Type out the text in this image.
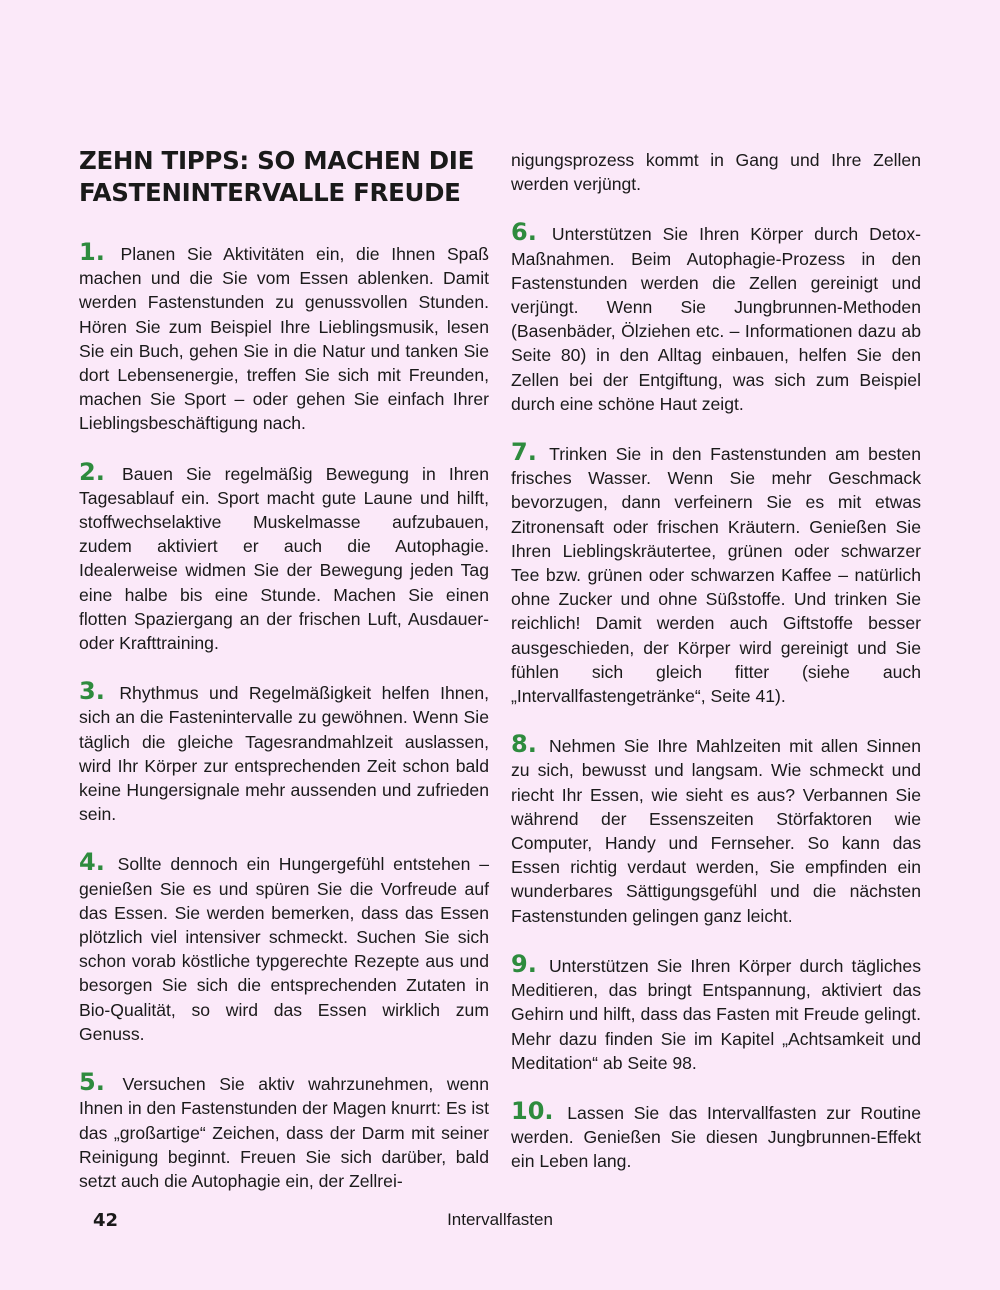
ZEHN TIPPS: SO MACHEN DIE FASTENINTERVALLE FREUDE

1. Planen Sie Aktivitäten ein, die Ihnen Spaß machen und die Sie vom Essen ablenken. Damit werden Fastenstunden zu genussvollen Stunden. Hören Sie zum Beispiel Ihre Lieblingsmusik, lesen Sie ein Buch, gehen Sie in die Natur und tanken Sie dort Lebensenergie, treffen Sie sich mit Freunden, machen Sie Sport – oder gehen Sie einfach Ihrer Lieblingsbeschäftigung nach.

2. Bauen Sie regelmäßig Bewegung in Ihren Tagesablauf ein. Sport macht gute Laune und hilft, stoffwechselaktive Muskelmasse aufzubauen, zudem aktiviert er auch die Autophagie. Idealerweise widmen Sie der Bewegung jeden Tag eine halbe bis eine Stunde. Machen Sie einen flotten Spaziergang an der frischen Luft, Ausdauer- oder Krafttraining.

3. Rhythmus und Regelmäßigkeit helfen Ihnen, sich an die Fastenintervalle zu gewöhnen. Wenn Sie täglich die gleiche Tagesrandmahlzeit auslassen, wird Ihr Körper zur entsprechenden Zeit schon bald keine Hungersignale mehr aussenden und zufrieden sein.

4. Sollte dennoch ein Hungergefühl entstehen – genießen Sie es und spüren Sie die Vorfreude auf das Essen. Sie werden bemerken, dass das Essen plötzlich viel intensiver schmeckt. Suchen Sie sich schon vorab köstliche typgerechte Rezepte aus und besorgen Sie sich die entsprechenden Zutaten in Bio-Qualität, so wird das Essen wirklich zum Genuss.

5. Versuchen Sie aktiv wahrzunehmen, wenn Ihnen in den Fastenstunden der Magen knurrt: Es ist das „großartige“ Zeichen, dass der Darm mit seiner Reinigung beginnt. Freuen Sie sich darüber, bald setzt auch die Autophagie ein, der Zellrei-

nigungsprozess kommt in Gang und Ihre Zellen werden verjüngt.

6. Unterstützen Sie Ihren Körper durch Detox-Maßnahmen. Beim Autophagie-Prozess in den Fastenstunden werden die Zellen gereinigt und verjüngt. Wenn Sie Jungbrunnen-Methoden (Basenbäder, Ölziehen etc. – Informationen dazu ab Seite 80) in den Alltag einbauen, helfen Sie den Zellen bei der Entgiftung, was sich zum Beispiel durch eine schöne Haut zeigt.

7. Trinken Sie in den Fastenstunden am besten frisches Wasser. Wenn Sie mehr Geschmack bevorzugen, dann verfeinern Sie es mit etwas Zitronensaft oder frischen Kräutern. Genießen Sie Ihren Lieblingskräutertee, grünen oder schwarzer Tee bzw. grünen oder schwarzen Kaffee – natürlich ohne Zucker und ohne Süßstoffe. Und trinken Sie reichlich! Damit werden auch Giftstoffe besser ausgeschieden, der Körper wird gereinigt und Sie fühlen sich gleich fitter (siehe auch „Intervallfastengetränke“, Seite 41).

8. Nehmen Sie Ihre Mahlzeiten mit allen Sinnen zu sich, bewusst und langsam. Wie schmeckt und riecht Ihr Essen, wie sieht es aus? Verbannen Sie während der Essenszeiten Störfaktoren wie Computer, Handy und Fernseher. So kann das Essen richtig verdaut werden, Sie empfinden ein wunderbares Sättigungsgefühl und die nächsten Fastenstunden gelingen ganz leicht.

9. Unterstützen Sie Ihren Körper durch tägliches Meditieren, das bringt Entspannung, aktiviert das Gehirn und hilft, dass das Fasten mit Freude gelingt. Mehr dazu finden Sie im Kapitel „Achtsamkeit und Meditation“ ab Seite 98.

10. Lassen Sie das Intervallfasten zur Routine werden. Genießen Sie diesen Jungbrunnen-Effekt ein Leben lang.

42	Intervallfasten
